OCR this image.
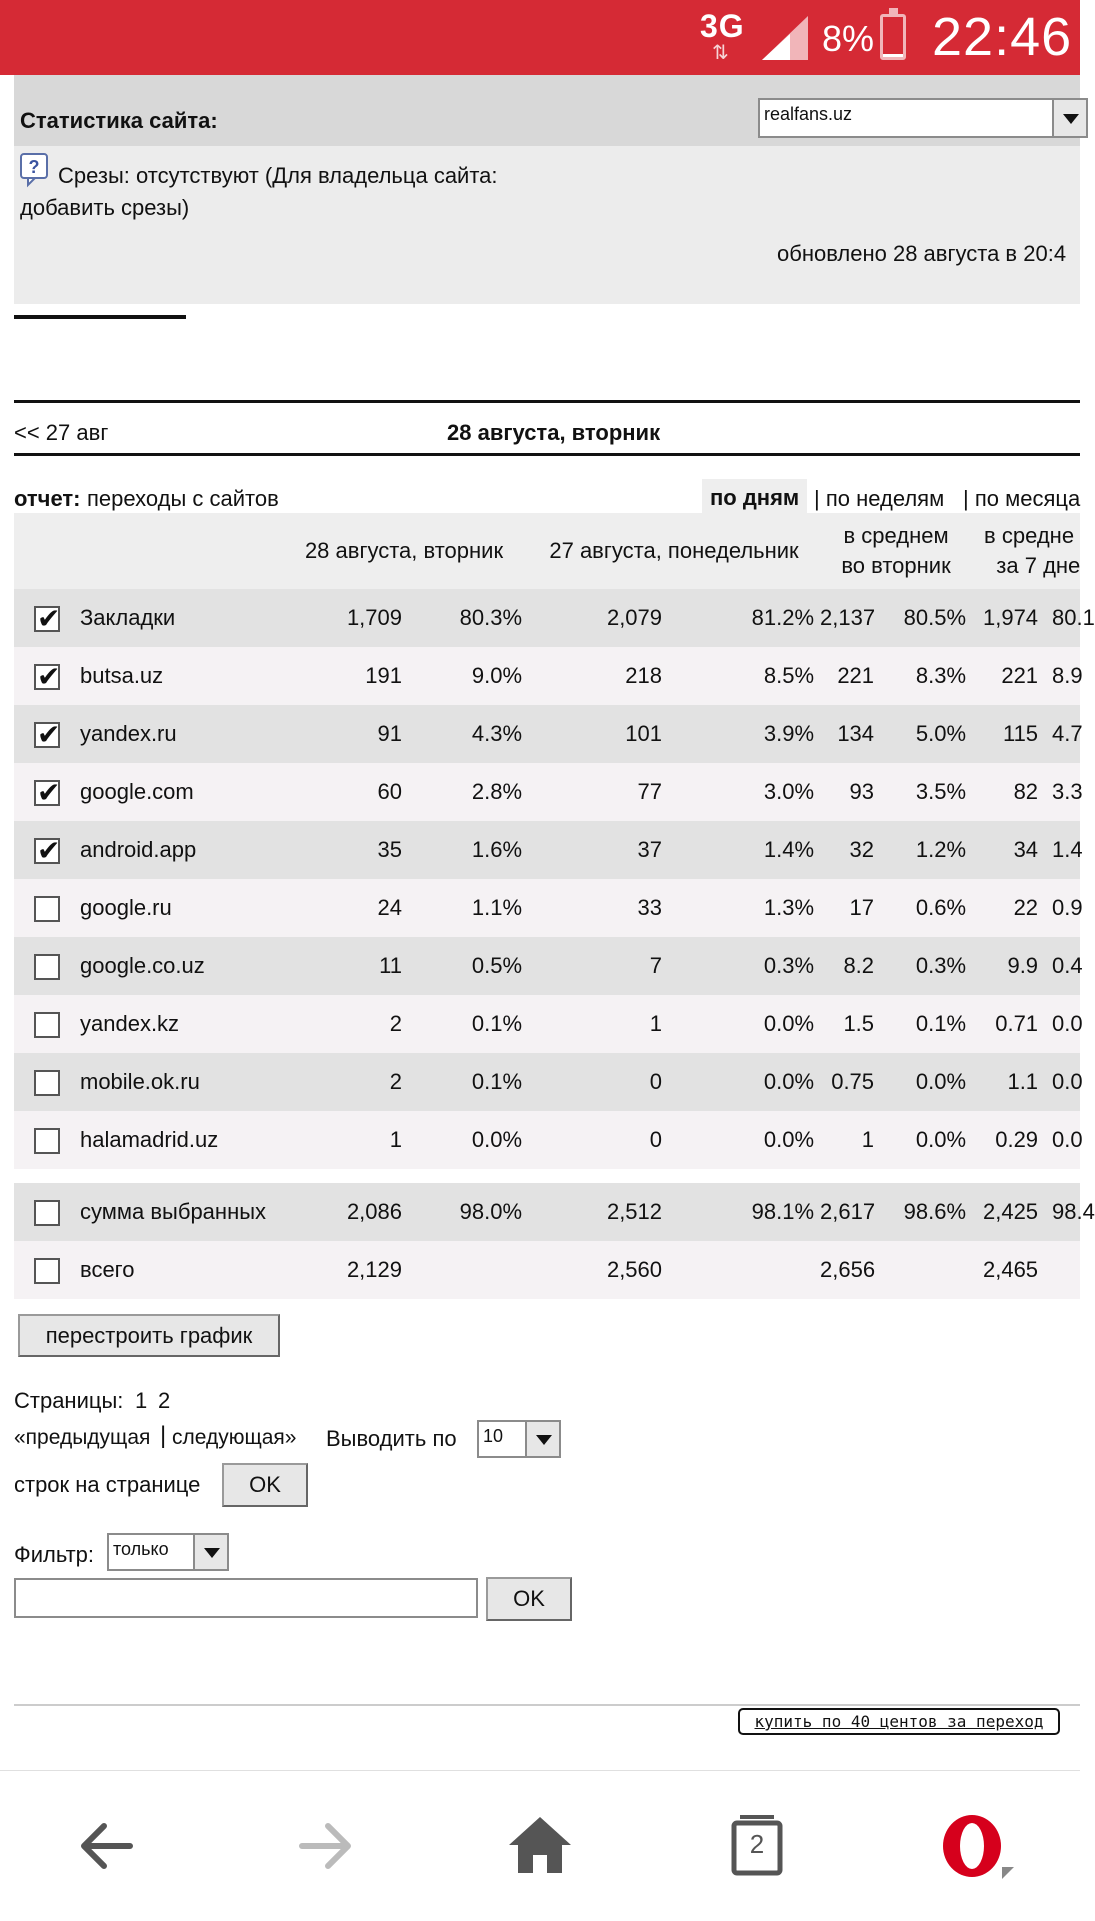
3G
⇅	8% 22:46
Статистика сайта:	realfans.uz
? Срезы: отсутствуют (Для владельца сайта:
добавить срезы)
обновлено 28 августа в 20:4
<< 27 авг	28 августа, вторник
отчет: переходы с сайтов	по дням | по неделям | по месяца
		28 августа, вторник		27 августа, понедельник		в среднем
во вторник		в средне
за 7 дне	
✔	Закладки	1,709	80.3%	2,079	81.2%	2,137	80.5%	1,974	80.1
✔	butsa.uz	191	9.0%	218	8.5%	221	8.3%	221	8.9
✔	yandex.ru	91	4.3%	101	3.9%	134	5.0%	115	4.7
✔	google.com	60	2.8%	77	3.0%	93	3.5%	82	3.3
✔	android.app	35	1.6%	37	1.4%	32	1.2%	34	1.4
	google.ru	24	1.1%	33	1.3%	17	0.6%	22	0.9
	google.co.uz	11	0.5%	7	0.3%	8.2	0.3%	9.9	0.4
	yandex.kz	2	0.1%	1	0.0%	1.5	0.1%	0.71	0.0
	mobile.ok.ru	2	0.1%	0	0.0%	0.75	0.0%	1.1	0.0
	halamadrid.uz	1	0.0%	0	0.0%	1	0.0%	0.29	0.0

	сумма выбранных	2,086	98.0%	2,512	98.1%	2,617	98.6%	2,425	98.4
	всего	2,129		2,560		2,656		2,465	
перестроить график
Страницы: 1 2
«предыдущая | следующая» Выводить по 10
строк на странице	OK
Фильтр: только
OK
купить по 40 центов за переход
2
